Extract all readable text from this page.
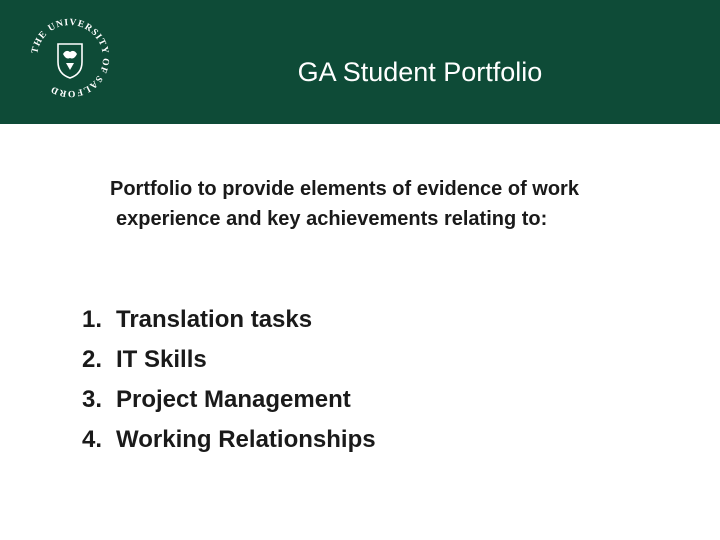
THE UNIVERSITY OF SALFORD
GA Student Portfolio
Portfolio to provide elements of evidence of work experience and key achievements relating to:
1. Translation tasks
2. IT Skills
3. Project Management
4. Working Relationships
